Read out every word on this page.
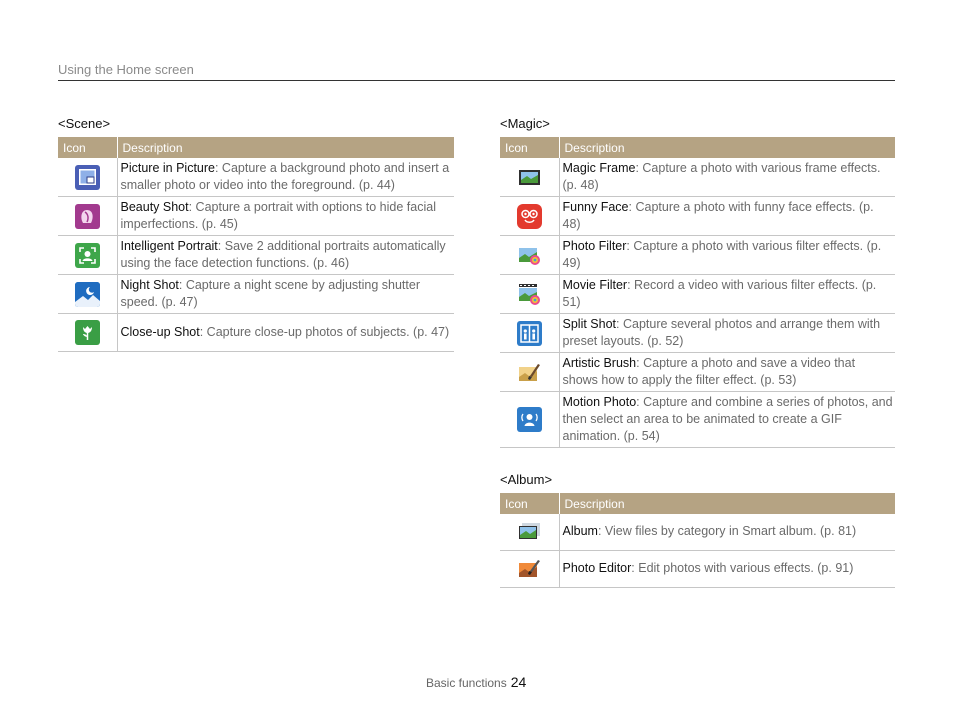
Using the Home screen
<Scene>
Icon	Description

	Picture in Picture: Capture a background photo and insert a smaller photo or video into the foreground. (p. 44)

	Beauty Shot: Capture a portrait with options to hide facial imperfections. (p. 45)

	Intelligent Portrait: Save 2 additional portraits automatically using the face detection functions. (p. 46)

	Night Shot: Capture a night scene by adjusting shutter speed. (p. 47)

	Close-up Shot: Capture close-up photos of subjects. (p. 47)
<Magic>
Icon	Description

	Magic Frame: Capture a photo with various frame effects. (p. 48)

	Funny Face: Capture a photo with funny face effects. (p. 48)

	Photo Filter: Capture a photo with various filter effects. (p. 49)

	Movie Filter: Record a video with various filter effects. (p. 51)

	Split Shot: Capture several photos and arrange them with preset layouts. (p. 52)

	Artistic Brush: Capture a photo and save a video that shows how to apply the filter effect. (p. 53)

	Motion Photo: Capture and combine a series of photos, and then select an area to be animated to create a GIF animation. (p. 54)
<Album>
Icon	Description

	Album: View files by category in Smart album. (p. 81)

	Photo Editor: Edit photos with various effects. (p. 91)
Basic functions 24
